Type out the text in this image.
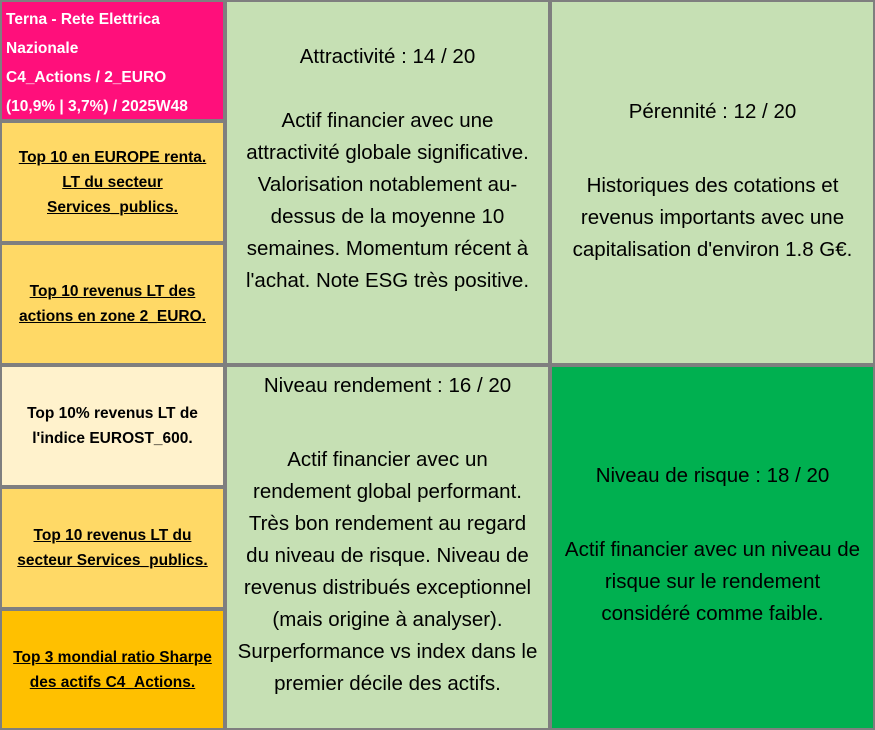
Terna - Rete Elettrica
Nazionale
C4_Actions / 2_EURO
(10,9% | 3,7%) / 2025W48
Top 10 en EUROPE renta.
LT du secteur
Services_publics.
Top 10 revenus LT des
actions en zone 2_EURO.
Top 10% revenus LT de
l'indice EUROST_600.
Top 10 revenus LT du
secteur Services_publics.
Top 3 mondial ratio Sharpe
des actifs C4_Actions.
Attractivité : 14 / 20
Actif financier avec une
attractivité globale significative.
Valorisation notablement au-
dessus de la moyenne 10
semaines. Momentum récent à
l'achat. Note ESG très positive.
Niveau rendement : 16 / 20
Actif financier avec un
rendement global performant.
Très bon rendement au regard
du niveau de risque. Niveau de
revenus distribués exceptionnel
(mais origine à analyser).
Surperformance vs index dans le
premier décile des actifs.
Pérennité : 12 / 20
Historiques des cotations et
revenus importants avec une
capitalisation d'environ 1.8 G€.
Niveau de risque : 18 / 20
Actif financier avec un niveau de
risque sur le rendement
considéré comme faible.
